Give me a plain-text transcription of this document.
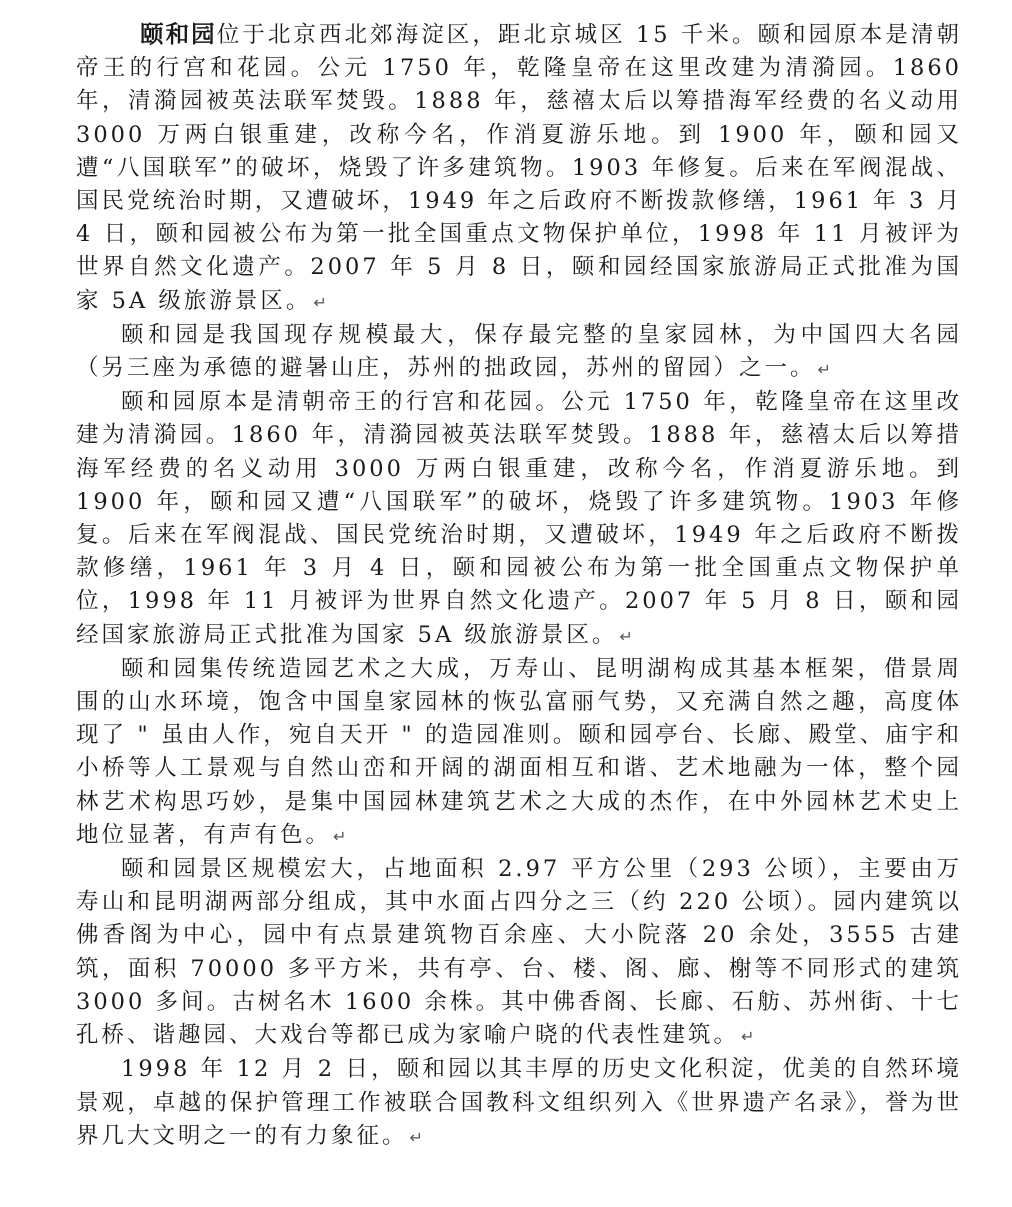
颐和园位于北京西北郊海淀区，距北京城区 15 千米。颐和园原本是清朝帝王的行宫和花园。公元 1750 年，乾隆皇帝在这里改建为清漪园。1860 年，清漪园被英法联军焚毁。1888 年，慈禧太后以筹措海军经费的名义动用 3000 万两白银重建，改称今名，作消夏游乐地。到 1900 年，颐和园又遭“八国联军”的破坏，烧毁了许多建筑物。1903 年修复。后来在军阀混战、国民党统治时期，又遭破坏，1949 年之后政府不断拨款修缮，1961 年 3 月 4 日，颐和园被公布为第一批全国重点文物保护单位，1998 年 11 月被评为世界自然文化遗产。2007 年 5 月 8 日，颐和园经国家旅游局正式批准为国家 5A 级旅游景区。 ↵

颐和园是我国现存规模最大，保存最完整的皇家园林，为中国四大名园（另三座为承德的避暑山庄，苏州的拙政园，苏州的留园）之一。 ↵

颐和园原本是清朝帝王的行宫和花园。公元 1750 年，乾隆皇帝在这里改建为清漪园。1860 年，清漪园被英法联军焚毁。1888 年，慈禧太后以筹措海军经费的名义动用 3000 万两白银重建，改称今名，作消夏游乐地。到 1900 年，颐和园又遭“八国联军”的破坏，烧毁了许多建筑物。1903 年修复。后来在军阀混战、国民党统治时期，又遭破坏，1949 年之后政府不断拨款修缮，1961 年 3 月 4 日，颐和园被公布为第一批全国重点文物保护单位，1998 年 11 月被评为世界自然文化遗产。2007 年 5 月 8 日，颐和园经国家旅游局正式批准为国家 5A 级旅游景区。 ↵

颐和园集传统造园艺术之大成，万寿山、昆明湖构成其基本框架，借景周围的山水环境，饱含中国皇家园林的恢弘富丽气势，又充满自然之趣，高度体现了 " 虽由人作，宛自天开 " 的造园准则。颐和园亭台、长廊、殿堂、庙宇和小桥等人工景观与自然山峦和开阔的湖面相互和谐、艺术地融为一体，整个园林艺术构思巧妙，是集中国园林建筑艺术之大成的杰作，在中外园林艺术史上地位显著，有声有色。 ↵

颐和园景区规模宏大，占地面积 2.97 平方公里（293 公顷），主要由万寿山和昆明湖两部分组成，其中水面占四分之三（约 220 公顷）。园内建筑以佛香阁为中心，园中有点景建筑物百余座、大小院落 20 余处，3555 古建筑，面积 70000 多平方米，共有亭、台、楼、阁、廊、榭等不同形式的建筑 3000 多间。古树名木 1600 余株。其中佛香阁、长廊、石舫、苏州街、十七孔桥、谐趣园、大戏台等都已成为家喻户晓的代表性建筑。 ↵

1998 年 12 月 2 日，颐和园以其丰厚的历史文化积淀，优美的自然环境景观，卓越的保护管理工作被联合国教科文组织列入《世界遗产名录》，誉为世界几大文明之一的有力象征。 ↵
